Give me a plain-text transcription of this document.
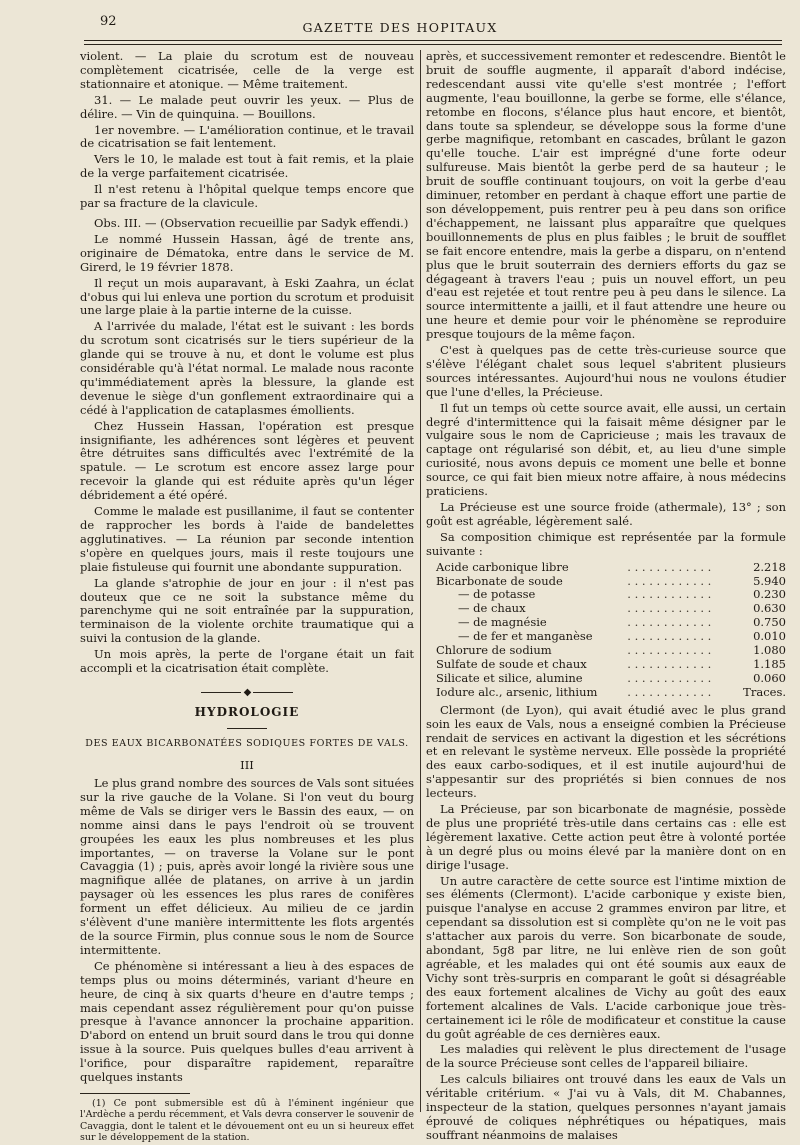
92	GAZETTE DES HOPITAUX

violent. — La plaie du scrotum est de nouveau complètement cicatrisée, celle de la verge est stationnaire et atonique. — Même traitement.

31. — Le malade peut ouvrir les yeux. — Plus de délire. — Vin de quinquina. — Bouillons.

1er novembre. — L'amélioration continue, et le travail de cicatrisation se fait lentement.

Vers le 10, le malade est tout à fait remis, et la plaie de la verge parfaitement cicatrisée.

Il n'est retenu à l'hôpital quelque temps encore que par sa fracture de la clavicule.

Obs. III. — (Observation recueillie par Sadyk effendi.)

Le nommé Hussein Hassan, âgé de trente ans, originaire de Dématoka, entre dans le service de M. Girerd, le 19 février 1878.

Il reçut un mois auparavant, à Eski Zaahra, un éclat d'obus qui lui enleva une portion du scrotum et produisit une large plaie à la partie interne de la cuisse.

A l'arrivée du malade, l'état est le suivant : les bords du scrotum sont cicatrisés sur le tiers supérieur de la glande qui se trouve à nu, et dont le volume est plus considérable qu'à l'état normal. Le malade nous raconte qu'immédiatement après la blessure, la glande est devenue le siège d'un gonflement extraordinaire qui a cédé à l'application de cataplasmes émollients.

Chez Hussein Hassan, l'opération est presque insignifiante, les adhérences sont légères et peuvent être détruites sans difficultés avec l'extrémité de la spatule. — Le scrotum est encore assez large pour recevoir la glande qui est réduite après qu'un léger débridement a été opéré.

Comme le malade est pusillanime, il faut se contenter de rapprocher les bords à l'aide de bandelettes agglutinatives. — La réunion par seconde intention s'opère en quelques jours, mais il reste toujours une plaie fistuleuse qui fournit une abondante suppuration.

La glande s'atrophie de jour en jour : il n'est pas douteux que ce ne soit la substance même du parenchyme qui ne soit entraînée par la suppuration, terminaison de la violente orchite traumatique qui a suivi la contusion de la glande.

Un mois après, la perte de l'organe était un fait accompli et la cicatrisation était complète.

◆
HYDROLOGIE
DES EAUX BICARBONATÉES SODIQUES FORTES DE VALS.
III

Le plus grand nombre des sources de Vals sont situées sur la rive gauche de la Volane. Si l'on veut du bourg même de Vals se diriger vers le Bassin des eaux, — on nomme ainsi dans le pays l'endroit où se trouvent groupées les eaux les plus nombreuses et les plus importantes, — on traverse la Volane sur le pont Cavaggia (1) ; puis, après avoir longé la rivière sous une magnifique allée de platanes, on arrive à un jardin paysager où les essences les plus rares de conifères forment un effet délicieux. Au milieu de ce jardin s'élèvent d'une manière intermittente les flots argentés de la source Firmin, plus connue sous le nom de Source intermittente.

Ce phénomène si intéressant a lieu à des espaces de temps plus ou moins déterminés, variant d'heure en heure, de cinq à six quarts d'heure en d'autre temps ; mais cependant assez régulièrement pour qu'on puisse presque à l'avance annoncer la prochaine apparition. D'abord on entend un bruit sourd dans le trou qui donne issue à la source. Puis quelques bulles d'eau arrivent à l'orifice, pour disparaître rapidement, reparaître quelques instants

(1) Ce pont submersible est dû à l'éminent ingénieur que l'Ardèche a perdu récemment, et Vals devra conserver le souvenir de Cavaggia, dont le talent et le dévouement ont eu un si heureux effet sur le développement de la station.

après, et successivement remonter et redescendre. Bientôt le bruit de souffle augmente, il apparaît d'abord indécise, redescendant aussi vite qu'elle s'est montrée ; l'effort augmente, l'eau bouillonne, la gerbe se forme, elle s'élance, retombe en flocons, s'élance plus haut encore, et bientôt, dans toute sa splendeur, se développe sous la forme d'une gerbe magnifique, retombant en cascades, brûlant le gazon qu'elle touche. L'air est imprégné d'une forte odeur sulfureuse. Mais bientôt la gerbe perd de sa hauteur ; le bruit de souffle continuant toujours, on voit la gerbe d'eau diminuer, retomber en perdant à chaque effort une partie de son développement, puis rentrer peu à peu dans son orifice d'échappement, ne laissant plus apparaître que quelques bouillonnements de plus en plus faibles ; le bruit de soufflet se fait encore entendre, mais la gerbe a disparu, on n'entend plus que le bruit souterrain des derniers efforts du gaz se dégageant à travers l'eau ; puis un nouvel effort, un peu d'eau est rejetée et tout rentre peu à peu dans le silence. La source intermittente a jailli, et il faut attendre une heure ou une heure et demie pour voir le phénomène se reproduire presque toujours de la même façon.

C'est à quelques pas de cette très-curieuse source que s'élève l'élégant chalet sous lequel s'abritent plusieurs sources intéressantes. Aujourd'hui nous ne voulons étudier que l'une d'elles, la Précieuse.

Il fut un temps où cette source avait, elle aussi, un certain degré d'intermittence qui la faisait même désigner par le vulgaire sous le nom de Capricieuse ; mais les travaux de captage ont régularisé son débit, et, au lieu d'une simple curiosité, nous avons depuis ce moment une belle et bonne source, ce qui fait bien mieux notre affaire, à nous médecins praticiens.

La Précieuse est une source froide (athermale), 13° ; son goût est agréable, légèrement salé.

Sa composition chimique est représentée par la formule suivante :

Acide carbonique libre	. . . . . . . . . . . .	2.218
Bicarbonate de soude	. . . . . . . . . . . .	5.940
— de potasse	. . . . . . . . . . . .	0.230
— de chaux	. . . . . . . . . . . .	0.630
— de magnésie	. . . . . . . . . . . .	0.750
— de fer et manganèse	. . . . . . . . . . . .	0.010
Chlorure de sodium	. . . . . . . . . . . .	1.080
Sulfate de soude et chaux	. . . . . . . . . . . .	1.185
Silicate et silice, alumine	. . . . . . . . . . . .	0.060
Iodure alc., arsenic, lithium	. . . . . . . . . . . .	Traces.

Clermont (de Lyon), qui avait étudié avec le plus grand soin les eaux de Vals, nous a enseigné combien la Précieuse rendait de services en activant la digestion et les sécrétions et en relevant le système nerveux. Elle possède la propriété des eaux carbo-sodiques, et il est inutile aujourd'hui de s'appesantir sur des propriétés si bien connues de nos lecteurs.

La Précieuse, par son bicarbonate de magnésie, possède de plus une propriété très-utile dans certains cas : elle est légèrement laxative. Cette action peut être à volonté portée à un degré plus ou moins élevé par la manière dont on en dirige l'usage.

Un autre caractère de cette source est l'intime mixtion de ses éléments (Clermont). L'acide carbonique y existe bien, puisque l'analyse en accuse 2 grammes environ par litre, et cependant sa dissolution est si complète qu'on ne le voit pas s'attacher aux parois du verre. Son bicarbonate de soude, abondant, 5g8 par litre, ne lui enlève rien de son goût agréable, et les malades qui ont été soumis aux eaux de Vichy sont très-surpris en comparant le goût si désagréable des eaux fortement alcalines de Vichy au goût des eaux fortement alcalines de Vals. L'acide carbonique joue très-certainement ici le rôle de modificateur et constitue la cause du goût agréable de ces dernières eaux.

Les maladies qui relèvent le plus directement de l'usage de la source Précieuse sont celles de l'appareil biliaire.

Les calculs biliaires ont trouvé dans les eaux de Vals un véritable critérium. « J'ai vu à Vals, dit M. Chabannes, inspecteur de la station, quelques personnes n'ayant jamais éprouvé de coliques néphrétiques ou hépatiques, mais souffrant néanmoins de malaises
